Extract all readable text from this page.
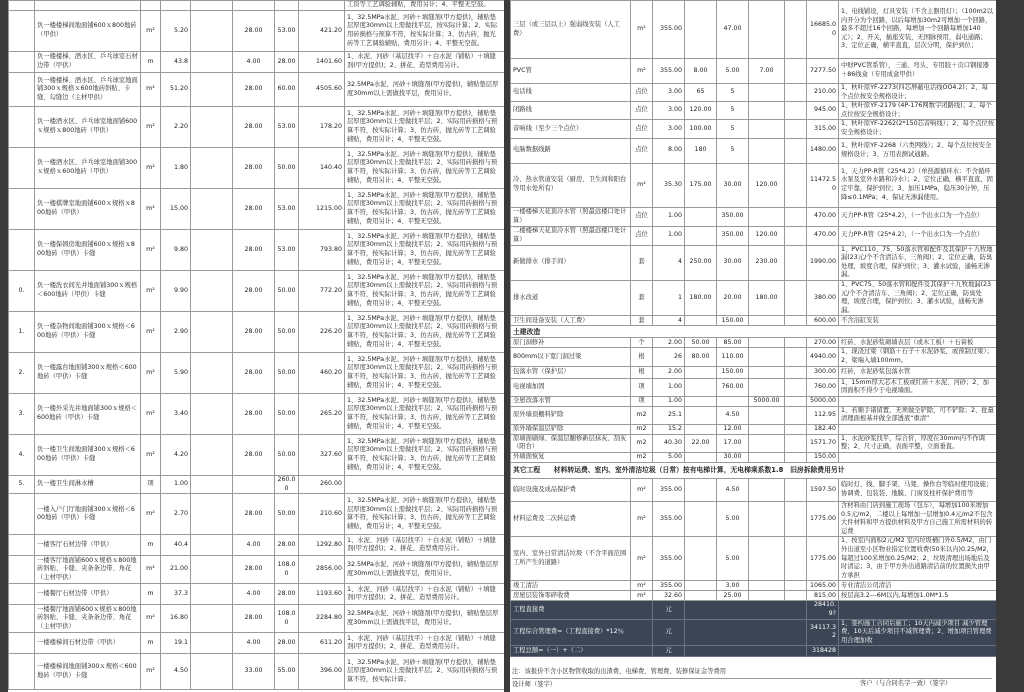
								工资等工艺调验辅贴，费用另计；4、平整无空鼓。
	负一楼楼梯间地面铺600ｘ800地砖（甲供）	m²	5.20		28.00	53.00	421.20	1、32.5MPa水泥、河砂＋填缝剂(甲方提供)，辅贴垫层厚度30mm以上需做找平层，按实际计算；2、实际用砖损格与预算不符，按实际计算；3、仿古砖，抛光砖等工艺调验辅贴，费用另计；4、平整无空鼓。
	负一楼楼梯、酒水区、乒乓球室石材边带（甲供）	m	43.8		4.00	28.00	1401.60	1、水泥、河砂（基层找平）＋白水泥（铺贴）＋填缝剂(甲方提供)；2、拼花、造型费用另计。
	负一楼楼梯、酒水区、乒乓球室地面铺300ｘ规格ｘ600地砖斜贴、卡缝、勾缝边（主材甲供）	m²	51.20		28.00	60.00	4505.60	32.5MPa水泥、河砂＋填缝剂(甲方提供)，辅贴垫层厚度30mm以上需做找平层，费用另计。
	负一楼酒水区、乒乓球室地面铺600ｘ规格ｘ800地砖（甲供）	m²	2.20		28.00	53.00	178.20	1、32.5MPa水泥、河砂＋填缝剂(甲方提供)，辅贴垫层厚度30mm以上需做找平层；2、实际用砖损格与预算不符，按实际计算；3、仿古砖，抛光砖等工艺调验辅贴，费用另计；4、平整无空鼓。
	负一楼酒水区、乒乓球室地面铺300ｘ规格ｘ600地砖（甲供）	m²	1.80		28.00	50.00	140.40	1、32.5MPa水泥、河砂＋填缝剂(甲方提供)，辅贴垫层厚度30mm以上需做找平层；2、实际用砖损格与预算不符，按实际计算；3、仿古砖，抛光砖等工艺调验辅贴，费用另计；4、平整无空鼓。
	负一楼棋牌室地面铺600ｘ规格ｘ800地砖（甲供）	m²	15.00		28.00	53.00	1215.00	1、32.5MPa水泥、河砂＋填缝剂(甲方提供)，辅贴垫层厚度30mm以上需做找平层；2、实际用砖损格与预算不符，按实际计算；3、仿古砖，抛光砖等工艺调验辅贴，费用另计；4、平整无空鼓。
	负一楼保姆房地面铺600ｘ规格ｘ800地砖（甲供）卡缝	m²	9.80		28.00	53.00	793.80	1、32.5MPa水泥、河砂＋填缝剂(甲方提供)，辅贴垫层厚度30mm以上需做找平层；2、实际用砖损格与预算不符，按实际计算；3、仿古砖，抛光砖等工艺调验辅贴，费用另计；4、平整无空鼓。
0.	负一楼洗衣间光井地面铺300ｘ规格＜600地砖（甲供）卡缝	m²	9.90		28.00	50.00	772.20	1、32.5MPa水泥、河砂＋填缝剂(甲方提供)，辅贴垫层厚度30mm以上需做找平层；2、实际用砖损格与预算不符，按实际计算；3、仿古砖，抛光砖等工艺调验辅贴，费用另计；4、平整无空鼓。
1.	负一楼杂物间地面铺300ｘ规格＜600地砖（甲供）卡缝	m²	2.90		28.00	50.00	226.20	1、32.5MPa水泥、河砂＋填缝剂(甲方提供)，辅贴垫层厚度30mm以上需做找平层；2、实际用砖损格与预算不符，按实际计算；3、仿古砖，抛光砖等工艺调验辅贴，费用另计；4、平整无空鼓。
2.	负一楼露台地面铺300ｘ规格＜600地砖（甲供）卡缝	m²	5.90		28.00	50.00	460.20	1、32.5MPa水泥、河砂＋填缝剂(甲方提供)，辅贴垫层厚度30mm以上需做找平层；2、实际用砖损格与预算不符，按实际计算；3、仿古砖，抛光砖等工艺调验辅贴，费用另计；4、平整无空鼓。
3.	负一楼外采光井地面铺300ｘ规格＜600地砖（甲供）卡缝	m²	3.40		28.00	50.00	265.20	1、32.5MPa水泥、河砂＋填缝剂(甲方提供)，辅贴垫层厚度30mm以上需做找平层；2、实际用砖损格与预算不符，按实际计算；3、仿古砖，抛光砖等工艺调验辅贴，费用另计；4、平整无空鼓。
4.	负一楼卫生间地面铺300ｘ规格＜600地砖（甲供）卡缝	m²	4.20		28.00	50.00	327.60	1、32.5MPa水泥、河砂＋填缝剂(甲方提供)，辅贴垫层厚度30mm以上需做找平层；2、实际用砖损格与预算不符，按实际计算；3、仿古砖，抛光砖等工艺调验辅贴，费用另计；4、平整无空鼓。
5.	负一楼卫生间淋水槽	项	1.00			260.00	260.00	
	一楼入户门厅地面铺300ｘ规格＜600地砖（甲供）卡缝	m²	2.70		28.00	50.00	210.60	1、32.5MPa水泥、河砂＋填缝剂(甲方提供)，辅贴垫层厚度30mm以上需做找平层；2、实际用砖损格与预算不符，按实际计算；3、仿古砖，抛光砖等工艺调验辅贴，费用另计；4、平整无空鼓。
	一楼客厅石材边带（甲供）	m	40.4		4.00	28.00	1292.80	1、水泥、河砂（基层找平）＋白水泥（铺贴）＋填缝剂(甲方提供)；2、拼花、造型费用另计。
	一楼客厅地面铺600ｘ规格ｘ800地砖斜贴、卡缝、夹条条边带、角花（主材甲供）	m²	21.00		28.00	108.00	2856.00	32.5MPa水泥、河砂＋填缝剂(甲方提供)，辅贴垫层厚度30mm以上需做找平层，费用另计。
	一楼餐厅石材边带（甲供）	m	37.3		4.00	28.00	1193.60	1、水泥、河砂（基层找平）＋白水泥（铺贴）＋填缝剂(甲方提供)；2、拼花、造型费用另计。
	一楼餐厅地面铺600ｘ规格ｘ800地砖斜贴、卡缝、夹条条边带、角花（主材甲供）	m²	16.80		28.00	108.00	2284.80	32.5MPa水泥、河砂＋填缝剂(甲方提供)，辅贴垫层厚度30mm以上需做找平层，费用另计。
	一楼楼梯间石材边带（甲供）	m	19.1		4.00	28.00	611.20	1、水泥、河砂（基层找平）＋白水泥（铺贴）＋填缝剂(甲方提供)；2、拼花、造型费用另计。
	一楼楼梯间地面铺300ｘ规格＜600地砖（甲供）卡缝	m²	4.50		33.00	55.00	396.00	1、32.5MPa水泥、河砂＋填缝剂(甲方提供)，辅贴垫层厚度30mm以上需做找平层；2、实际用砖损格与预算不符，按实际计算；
三层（或三层以上）强弱线安装（人工费）	m²	355.00		47.00			16685.00	1、电线铺设，灯具安装（不含主器用灯）；（100m2以内开分为个回路，以后每增加30m2可增加一个回路，最多不超过16个回路，每增加一个回路每增加140元）；2、开关，插座安装，无国脉预用，弱电通路；3、定位正确，横平直直，层次分明，保护到位；
PVC管	m²	355.00	8.00	5.00	7.00		7277.50	中财PVC管系管），三通、弯头、专用胶＋贡口钢接器＋86线盒（专用成盒甲供）
电话线	点位	3.00	65	5			210.00	1、秋叶原YF-2273(四芯屏蔽电话线OO4.2)；2、每个点位按安全规格设计；
闭路线	点位	3.00	120.00	5			945.00	1、秋叶原YF-2179 (4P-176网数字闭路线)；2、每个点位按安全规格设计；
音响线（至少三个点位）	点位	3.00	100.00	5			315.00	1、秋叶原YF-2262(2*150芯音响线）；2、每个点位按安全规格设计；
电脑数据线路	点位	8.00	180	5			1480.00	1、秋叶原YF-2268（六类网线）；2、每个点位按安全规格设计；3、万用表测试通路。
冷、热水管道安装（厨房、卫生间和阳台等用水处所有）	m²	35.30	175.00	30.00	120.00		11472.50	1、天力PP-R管《25*4.2》（单热源循环水：不含循环水泵及室外水路和冷水）；2、定位正确，横平直直，固定牢靠，保护到位；3、加压1MPa，稳压30分钟，压降≤0.1MPa；4、保证无渗漏使用。
一楼楼梯天花顶冷水管（照最远楼口处计算）	点位	1.00		350.00			470.00	天力PP-R管《25*4.2》，（一个出水口为一个点位）
二楼楼梯天花顶冷水管（照最远楼口处计算）	点位	1.00		350.00	120.00		470.00	天力PP-R管《25*4.2》，（一个出水口为一个点位）
新做排水（排手间）	套	4	250.00	30.00	230.00		1990.00	1、PVC110、75、50落水管和配件及其保护＋九牧地漏(23元/个不含清洁车、三角阀)；2、定位正确，防臭处理，坡度合理，保护到位；3、灌水试验，通畅无渗漏。
排水改道	套	1	180.00	20.00	180.00		380.00	1、PVC75、50落水管和配件及其保护＋九牧地漏(23元/个不含清洁车、三角阀)；2、定位正确，防臭处理，坡度合理，保护到位；3、灌水试验，通畅无渗漏。
卫生间设备安装（人工费）	套	4		150.00			600.00	不含浴缸安装
土建改造								
原门洞修补	个	2.00	50.00	85.00			270.00	红砖、水泥砂浆砌墙表层（或木工板）＋石膏板
800mm以下宽门洞过梁	根	26	80.00	110.00			4940.00	1、现浇过梁（钢筋＋石子＋水泥砂浆，或预制过梁）；2、梁端入墙100mm。
包落水管（保护层）	根	2.00		150.00			300.00	红砖，水泥砂浆包落水管
电视墙加固	项	1.00		760.00			760.00	1、15mm厚大芯木工板或红砖＋水泥、河砂；2、加固面积不得少于电视墙面。
全屋改落水管	项	1.00			5000.00		5000.00	
原外墙顶棚料铲除	m2	25.1		4.50			112.95	1、若顺手诸留置，无须做全铲除，可不铲除；2、批量清理面根基并做全部透底“重清”
原外墙保温层铲除	m2	15.2		12.00			182.40	
原墙面刷绿、保温层翻修新层抹灰、刮灰（阳台）	m2	40.30	22.00	17.00			1571.70	1、水泥砂浆找平，综合价，厚度在30mm内不作调整；2、尺寸正确，表面平整，立面垂直。
外墙面恢复	m2	5.00		30.00			150.00	
其它工程　　材料转运费、室内、室外清洁垃圾（日常）按有电梯计算，无电梯乘系数1.8　旧房拆除费用另计								
临时设施及成品保护费	m²	355.00		4.50			1597.50	临时灯、线、脚手架、马凳、操作台等临时使用设施；协调费、包装袋、地膜、门窗及柱杆保护费用等
材料运费及二次转运费	m²	355.00		5.00			1775.00	含材料由门店到施工现场（包车），每增加100米增加0.5元/m2，二楼以上每增加一层增加0.4元/m2不包含大件材料和甲方提供材料及甲方自己施工所需材料的转运费
室内、室外日常清洁垃圾（不含平面范围工所产生的道路）	m²	355.00		5.00			1775.00	1、按室内面积2元/M2 室内垃圾桶门外0.5/M2，由门外出道至小区物业指定位置收费(50米以内)0.25/M2，每超过100米增加0.25/M2；2、垃圾清理出场地后及时清运；3、由于甲方外出道路清洁前的位置损失由甲方承担
竣工清洁	m²	355.00		3.00			1065.00	专业清洁公司清洁
房屋层装饰零碎收费	m²	32.60		25.00			815.00	按层高3.2---6M以内,每增加1.0M*1.5
工程直接费		元					28410.9?	
工程综合管理费=（工程直接费）*12％		元					34117.32	1、签约施工合同后施工；10天内减少项目 减少管理费，10天后减少项目不减管理费；2、增加项目管理费用合理加收
工程总额=（一）+（二）		元					318428	
注：该报价不含小区物管收取的出渣费、电梯费、管理费、装修保证金等费用
设计师（签字）	客户（与合同名字一致）（签字）
